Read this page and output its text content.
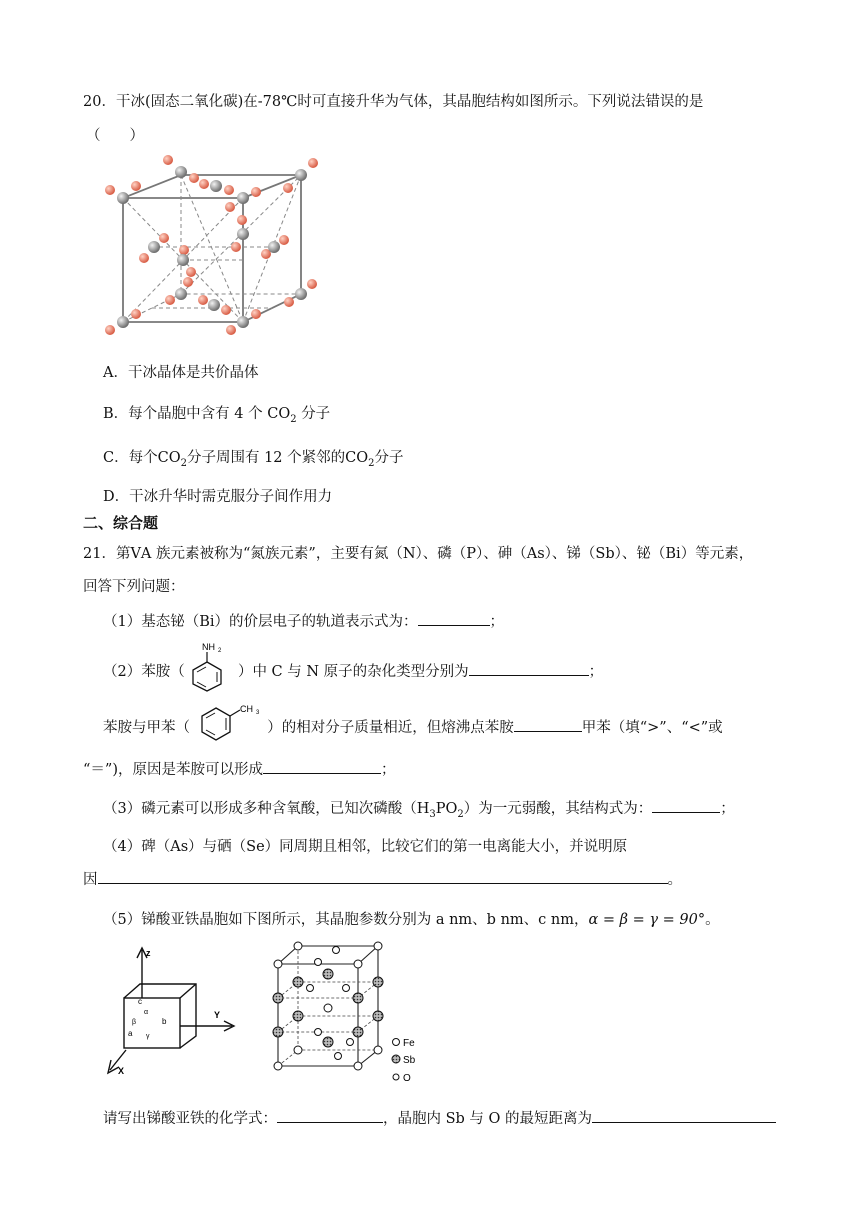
20．干冰(固态二氧化碳)在-78℃时可直接升华为气体，其晶胞结构如图所示。下列说法错误的是
（　　）
A．干冰晶体是共价晶体
B．每个晶胞中含有 4 个 $CO_2$ 分子
C．每个$CO_2$分子周围有 12 个紧邻的$CO_2$分子
D．干冰升华时需克服分子间作用力
二、综合题
21．第ⅤA 族元素被称为“氮族元素”，主要有氮（N）、磷（P）、砷（As）、锑（Sb）、铋（Bi）等元素，
回答下列问题：
（1）基态铋（Bi）的价层电子的轨道表示式为：	；
（2）苯胺（	）中 C 与 N 原子的杂化类型分别为	；
NH 2
苯胺与甲苯（	）的相对分子质量相近，但熔沸点苯胺	甲苯（填“>”、“<”或
CH 3
“＝”)，原因是苯胺可以形成	；
（3）磷元素可以形成多种含氧酸，已知次磷酸$(H_3PO_2)$为一元弱酸，其结构式为：	；
（4）碑（As）与硒（Se）同周期且相邻，比较它们的第一电离能大小，并说明原
因	。
（5）锑酸亚铁晶胞如下图所示，其晶胞参数分别为 a nm、b nm、c nm，α = β = γ = 90°。
z
Y
X
c
b
a
α
β
γ
Fe
Sb
O
请写出锑酸亚铁的化学式：	，晶胞内 Sb 与 O 的最短距离为
